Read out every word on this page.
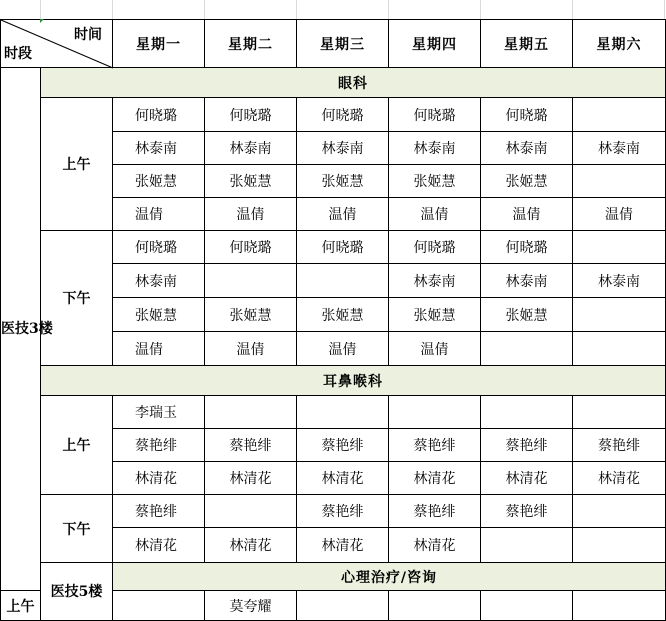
时间
时段		星期一	星期二	星期三	星期四	星期五	星期六
医技3楼	眼科						
	上午	何晓璐	何晓璐	何晓璐	何晓璐	何晓璐	
		林泰南	林泰南	林泰南	林泰南	林泰南	林泰南
		张姬慧	张姬慧	张姬慧	张姬慧	张姬慧	
		温倩	温倩	温倩	温倩	温倩	温倩
	下午	何晓璐	何晓璐	何晓璐	何晓璐	何晓璐	
		林泰南			林泰南	林泰南	林泰南
		张姬慧	张姬慧	张姬慧	张姬慧	张姬慧	
		温倩	温倩	温倩	温倩		
	耳鼻喉科						
	上午	李瑞玉					
		蔡艳绯	蔡艳绯	蔡艳绯	蔡艳绯	蔡艳绯	蔡艳绯
		林清花	林清花	林清花	林清花	林清花	林清花
	下午	蔡艳绯		蔡艳绯	蔡艳绯	蔡艳绯	
		林清花	林清花	林清花	林清花		
	医技5楼	心理治疗/咨询					
上午			莫夸耀				
